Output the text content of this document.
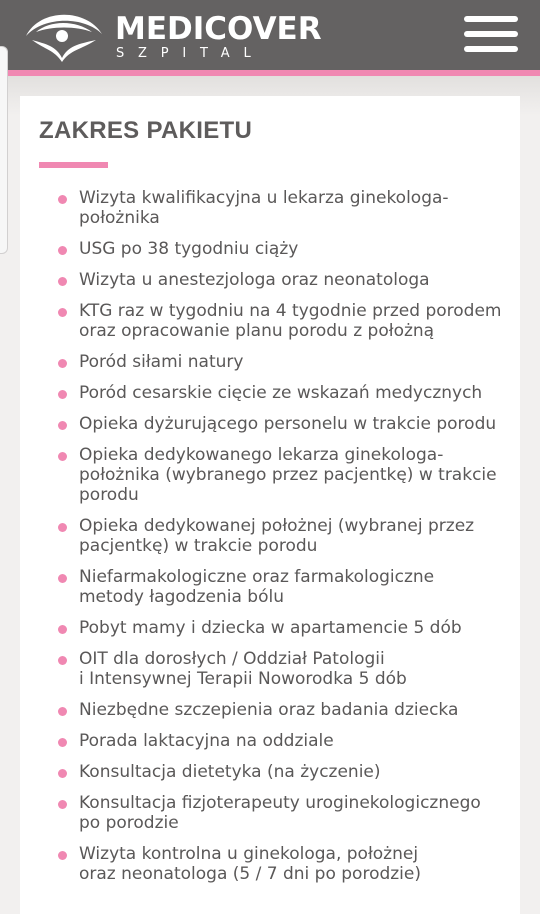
MEDICOVER
SZPITAL
ZAKRES PAKIETU
Wizyta kwalifikacyjna u lekarza ginekologa-
położnika
USG po 38 tygodniu ciąży
Wizyta u anestezjologa oraz neonatologa
KTG raz w tygodniu na 4 tygodnie przed porodem
oraz opracowanie planu porodu z położną
Poród siłami natury
Poród cesarskie cięcie ze wskazań medycznych
Opieka dyżurującego personelu w trakcie porodu
Opieka dedykowanego lekarza ginekologa-
położnika (wybranego przez pacjentkę) w trakcie
porodu
Opieka dedykowanej położnej (wybranej przez
pacjentkę) w trakcie porodu
Niefarmakologiczne oraz farmakologiczne
metody łagodzenia bólu
Pobyt mamy i dziecka w apartamencie 5 dób
OIT dla dorosłych / Oddział Patologii
i Intensywnej Terapii Noworodka 5 dób
Niezbędne szczepienia oraz badania dziecka
Porada laktacyjna na oddziale
Konsultacja dietetyka (na życzenie)
Konsultacja fizjoterapeuty uroginekologicznego
po porodzie
Wizyta kontrolna u ginekologa, położnej
oraz neonatologa (5 / 7 dni po porodzie)
